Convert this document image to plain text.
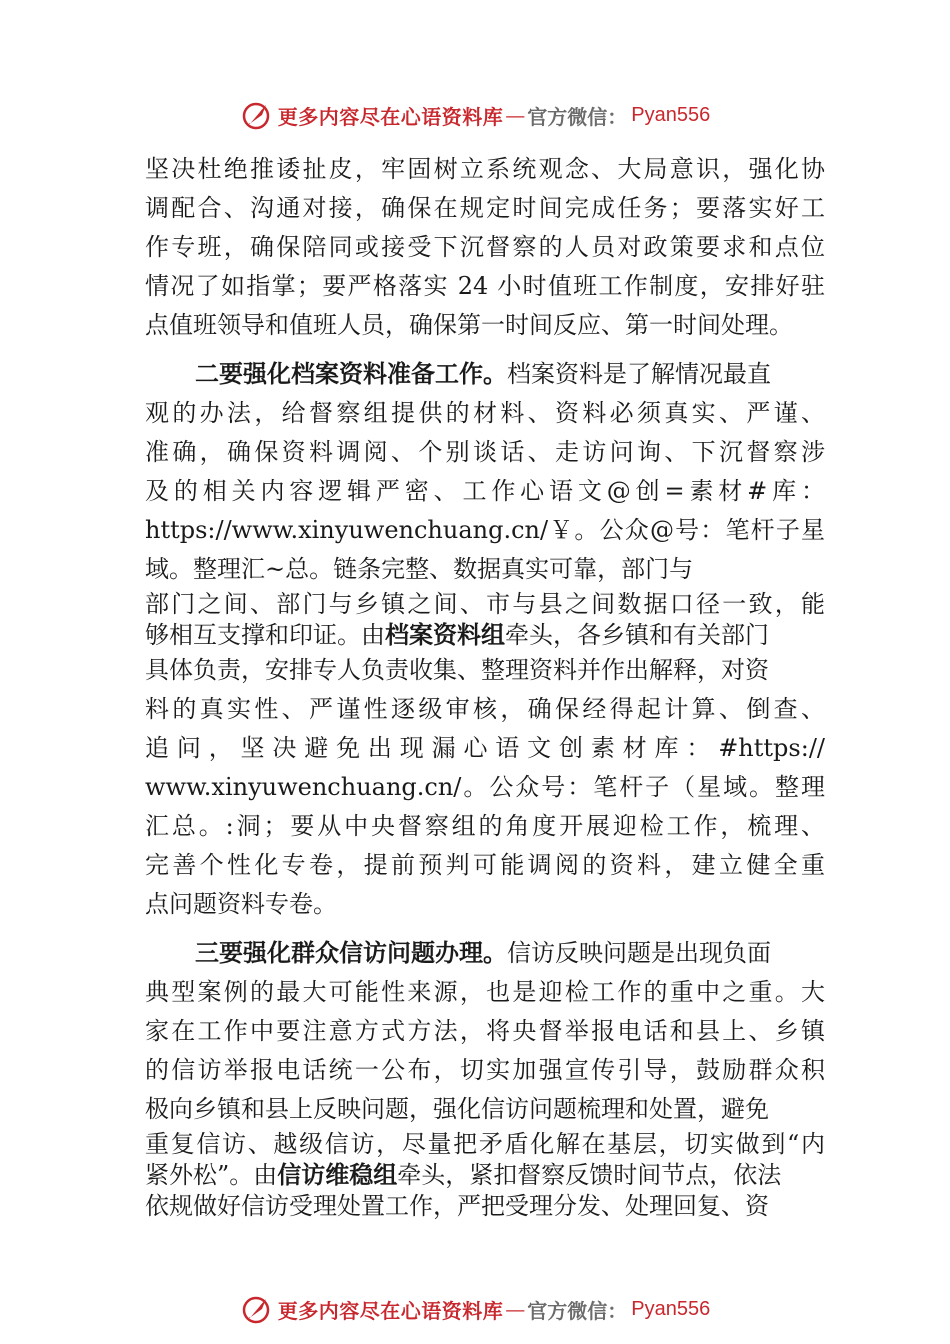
更多内容尽在心语资料库 — 官方微信： Pyan556
坚决杜绝推诿扯皮，牢固树立系统观念、大局意识，强化协
调配合、沟通对接，确保在规定时间完成任务；要落实好工
作专班，确保陪同或接受下沉督察的人员对政策要求和点位
情况了如指掌；要严格落实 24 小时值班工作制度，安排好驻
点值班领导和值班人员，确保第一时间反应、第一时间处理。
二要强化档案资料准备工作。档案资料是了解情况最直
观的办法，给督察组提供的材料、资料必须真实、严谨、
准确，确保资料调阅、个别谈话、走访问询、下沉督察涉
及的相关内容逻辑严密、工作心语文@创=素材#库：
https://www.xinyuwenchuang.cn/￥。公众@号：笔杆子星
域。整理汇~总。链条完整、数据真实可靠，部门与
部门之间、部门与乡镇之间、市与县之间数据口径一致，能
够相互支撑和印证。由档案资料组牵头，各乡镇和有关部门
具体负责，安排专人负责收集、整理资料并作出解释，对资
料的真实性、严谨性逐级审核，确保经得起计算、倒查、
追问，坚决避免出现漏心语文创素材库：#https://
www.xinyuwenchuang.cn/。公众号：笔杆子（星域。整理
汇总。:洞；要从中央督察组的角度开展迎检工作，梳理、
完善个性化专卷，提前预判可能调阅的资料，建立健全重
点问题资料专卷。
三要强化群众信访问题办理。信访反映问题是出现负面
典型案例的最大可能性来源，也是迎检工作的重中之重。大
家在工作中要注意方式方法，将央督举报电话和县上、乡镇
的信访举报电话统一公布，切实加强宣传引导，鼓励群众积
极向乡镇和县上反映问题，强化信访问题梳理和处置，避免
重复信访、越级信访，尽量把矛盾化解在基层，切实做到“内
紧外松”。由信访维稳组牵头，紧扣督察反馈时间节点，依法
依规做好信访受理处置工作，严把受理分发、处理回复、资
更多内容尽在心语资料库 — 官方微信： Pyan556
